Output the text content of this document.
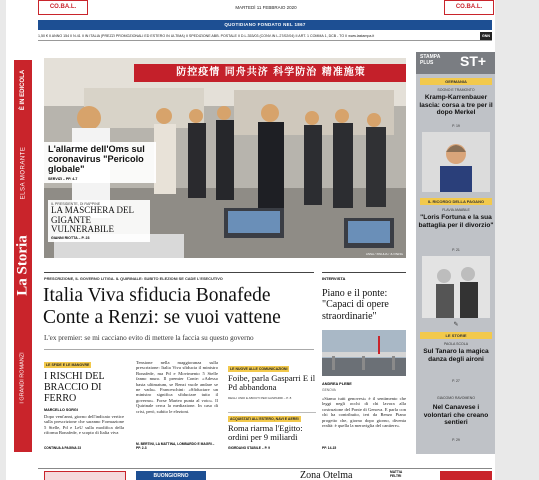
CO.BA.L.	CO.BA.L.
MARTEDÌ 11 FEBBRAIO 2020
QUOTIDIANO FONDATO NEL 1867
1,50 € II ANNO 154 II N.41 II IN ITALIA (PREZZI PROMOZIONALI ED ESTERO IN ULTIMA) II SPEDIZIONE ABB. POSTALE II D.L.353/03 (CONV.IN L.27/02/04) II ART. 1 COMMA 1, DCB - TO II www.lastampa.it	GNN
È IN EDICOLA
ELSA MORANTE
La Storia
I GRANDI ROMANZI
防控疫情 同舟共济 科学防治 精准施策
L'allarme dell'Oms sul coronavirus "Pericolo globale"
SERVIZI – PP. 4-7
IL PRESIDENTE, DI RAPPINE
LA MASCHERA DEL GIGANTE VULNERABILE
GIANNI RIOTTA – P. 23
ANSA / XINHUA / JU PENG
PRESCRIZIONE, IL GOVERNO LITIGA. IL QUIRINALE: SUBITO ELEZIONI SE CADE L'ESECUTIVO
Italia Viva sfiducia Bonafede
Conte a Renzi: se vuoi vattene
L'ex premier: se mi cacciano evito di mettere la faccia su questo governo
LE SFIDE E LE MANOVRE
I RISCHI DEL BRACCIO DI FERRO
MARCELLO SORGI
Dopo vent'anni, giorno dell'indicato vertice sulla prescrizione che saranno Formazione 5 Stelle, Pd e LeU sulla modifica della riforma Bonafede, e scopto di Italia viva
CONTINUA A PAGINA 23
Tensione nella maggioranza sulla prescrizione: Italia Viva sfiducia il ministro Bonafede, ma Pd e Movimento 5 Stelle fanno muro. Il premier Conte: «Adesso basta ultimatum, se Renzi vuole andare se ne vada». Franceschini: «Sfiduciare un ministro significa sfiduciare tutto il governo». Forse Marteo punta al voto». Il Quirinale cerca la mediazione. In caso di crisi, però, subito le elezioni.
M. BERTINI, LA MATTINA, LOMBARDO E MAGRI – PP. 2-3
LE NUOVE ALLE COMUNICAZIONI
Foibe, parla Gasparri E il Pd abbandona
DEGLI UNDI E ABOUTI PER GASPARRI – P. 8
ACQUISTATI ALL'ESTERO, NAVI E AEREI
Roma riarma l'Egitto: ordini per 9 miliardi
GIORDANO STABILE – P. 9
INTERVISTA
Piano e il ponte: "Capaci di opere straordinarie"
ANDREA PLEBE
GENOVA
«Siamo tutti genovesi» è il sentimento che leggi negli occhi di chi lavora alla costruzione del Ponte di Genova. E parla con chi ha contribuito, ieri da Renzo Piano progetto che, giorno dopo giorno, diventa realtà: è quella la meraviglia del cantiere».
PP. 14-15
STAMPA PLUS	ST+
GERMANIA
SOGNO E TRAMONTO
Kramp-Karrenbauer lascia: corsa a tre per il dopo Merkel
P. 19
IL RICORDO DELLA PAGANO
FLAVIA AMABILE
"Loris Fortuna e la sua battaglia per il divorzio"
P. 21
✎
LE STORIE
PAOLA SCOLA
Sul Tanaro la magica danza degli aironi
P. 27
GIACOMO RAVOMENO
Nel Canavese i volontari che creano sentieri
P. 29
BUONGIORNO	Zona Otelma	MATTIA FELTRI
